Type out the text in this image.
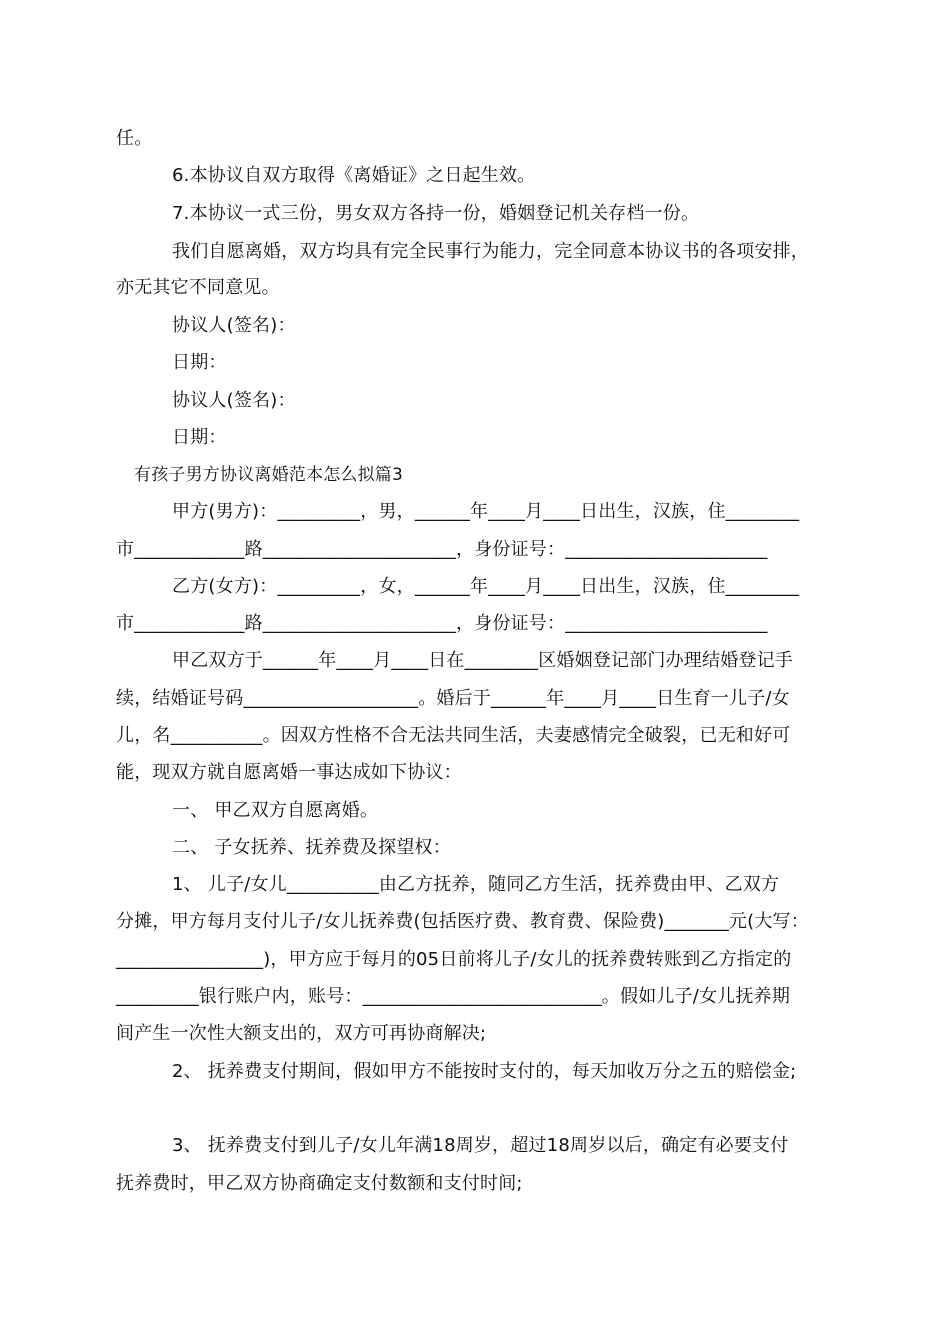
任。
6.本协议自双方取得《离婚证》之日起生效。
7.本协议一式三份，男女双方各持一份，婚姻登记机关存档一份。
我们自愿离婚，双方均具有完全民事行为能力，完全同意本协议书的各项安排，
亦无其它不同意见。
协议人(签名)：
日期：
协议人(签名)：
日期：
有孩子男方协议离婚范本怎么拟篇3
甲方(男方)：_________，男，______年____月____日出生，汉族，住________
市____________路_____________________，身份证号：______________________
乙方(女方)：_________，女，______年____月____日出生，汉族，住________
市____________路_____________________，身份证号：______________________
甲乙双方于______年____月____日在________区婚姻登记部门办理结婚登记手
续，结婚证号码___________________。婚后于______年____月____日生育一儿子/女
儿，名__________。因双方性格不合无法共同生活，夫妻感情完全破裂，已无和好可
能，现双方就自愿离婚一事达成如下协议：
一、 甲乙双方自愿离婚。
二、 子女抚养、抚养费及探望权：
1、 儿子/女儿__________由乙方抚养，随同乙方生活，抚养费由甲、乙双方
分摊，甲方每月支付儿子/女儿抚养费(包括医疗费、教育费、保险费)_______元(大写：
________________)，甲方应于每月的05日前将儿子/女儿的抚养费转账到乙方指定的
_________银行账户内，账号：__________________________。假如儿子/女儿抚养期
间产生一次性大额支出的，双方可再协商解决;
2、 抚养费支付期间，假如甲方不能按时支付的，每天加收万分之五的赔偿金;
3、 抚养费支付到儿子/女儿年满18周岁，超过18周岁以后，确定有必要支付
抚养费时，甲乙双方协商确定支付数额和支付时间;
